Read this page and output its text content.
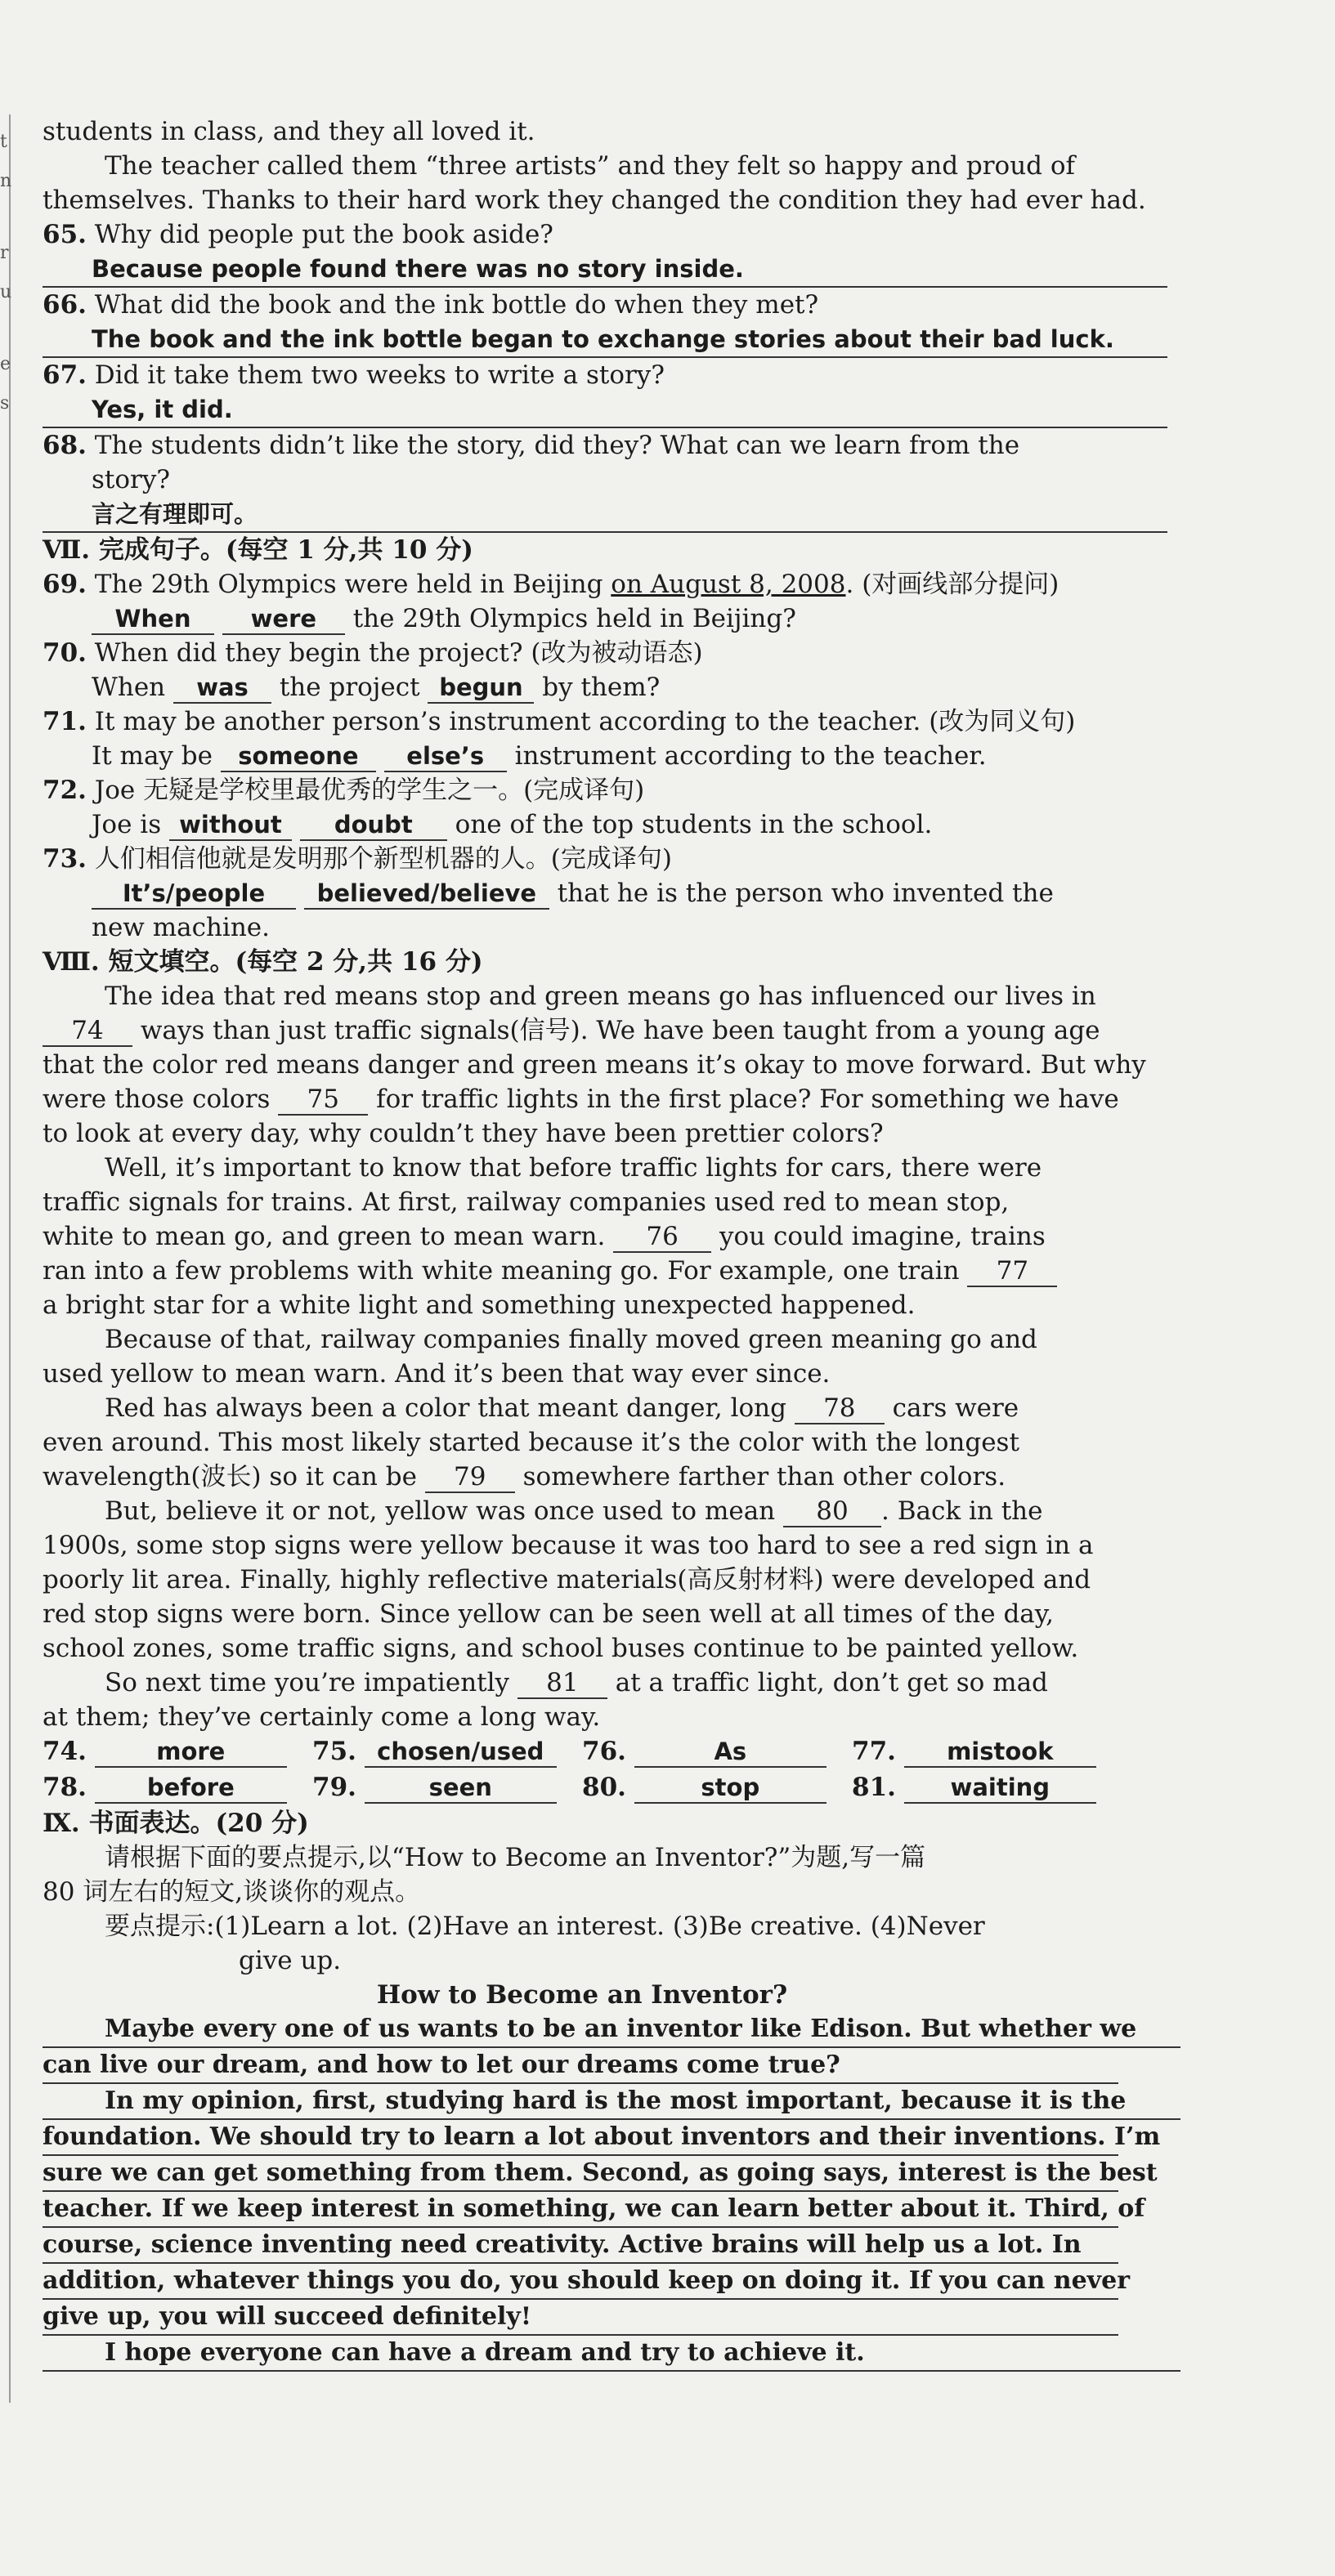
t
n
r
u
e
s
students in class, and they all loved it.
The teacher called them “three artists” and they felt so happy and proud of
themselves. Thanks to their hard work they changed the condition they had ever had.
65. Why did people put the book aside?
Because people found there was no story inside.
66. What did the book and the ink bottle do when they met?
The book and the ink bottle began to exchange stories about their bad luck.
67. Did it take them two weeks to write a story?
Yes, it did.
68. The students didn’t like the story, did they? What can we learn from the
story?
言之有理即可。
Ⅶ. 完成句子。(每空 1 分,共 10 分)
69. The 29th Olympics were held in Beijing on August 8, 2008. (对画线部分提问)
When	were the 29th Olympics held in Beijing?
70. When did they begin the project? (改为被动语态)
When was the project begun by them?
71. It may be another person’s instrument according to the teacher. (改为同义句)
It may be someone else’s instrument according to the teacher.
72. Joe 无疑是学校里最优秀的学生之一。(完成译句)
Joe is without doubt one of the top students in the school.
73. 人们相信他就是发明那个新型机器的人。(完成译句)
It’s/people believed/believe that he is the person who invented the
new machine.
Ⅷ. 短文填空。(每空 2 分,共 16 分)
The idea that red means stop and green means go has influenced our lives in
74 ways than just traffic signals(信号). We have been taught from a young age
that the color red means danger and green means it’s okay to move forward. But why
were those colors 75 for traffic lights in the first place? For something we have
to look at every day, why couldn’t they have been prettier colors?
Well, it’s important to know that before traffic lights for cars, there were
traffic signals for trains. At first, railway companies used red to mean stop,
white to mean go, and green to mean warn. 76 you could imagine, trains
ran into a few problems with white meaning go. For example, one train 77
a bright star for a white light and something unexpected happened.
Because of that, railway companies finally moved green meaning go and
used yellow to mean warn. And it’s been that way ever since.
Red has always been a color that meant danger, long 78 cars were
even around. This most likely started because it’s the color with the longest
wavelength(波长) so it can be 79 somewhere farther than other colors.
But, believe it or not, yellow was once used to mean 80 . Back in the
1900s, some stop signs were yellow because it was too hard to see a red sign in a
poorly lit area. Finally, highly reflective materials(高反射材料) were developed and
red stop signs were born. Since yellow can be seen well at all times of the day,
school zones, some traffic signs, and school buses continue to be painted yellow.
So next time you’re impatiently 81 at a traffic light, don’t get so mad
at them; they’ve certainly come a long way.
74.	more	75. chosen/used 76.	As	77. mistook
78.	before	79.	seen	80.	stop	81. waiting
Ⅸ. 书面表达。(20 分)
请根据下面的要点提示,以“How to Become an Inventor?”为题,写一篇
80 词左右的短文,谈谈你的观点。
要点提示:(1)Learn a lot. (2)Have an interest. (3)Be creative. (4)Never
give up.
How to Become an Inventor?
Maybe every one of us wants to be an inventor like Edison. But whether we
can live our dream, and how to let our dreams come true?
In my opinion, first, studying hard is the most important, because it is the
foundation. We should try to learn a lot about inventors and their inventions. I’m
sure we can get something from them. Second, as going says, interest is the best
teacher. If we keep interest in something, we can learn better about it. Third, of
course, science inventing need creativity. Active brains will help us a lot. In
addition, whatever things you do, you should keep on doing it. If you can never
give up, you will succeed definitely!
I hope everyone can have a dream and try to achieve it.
